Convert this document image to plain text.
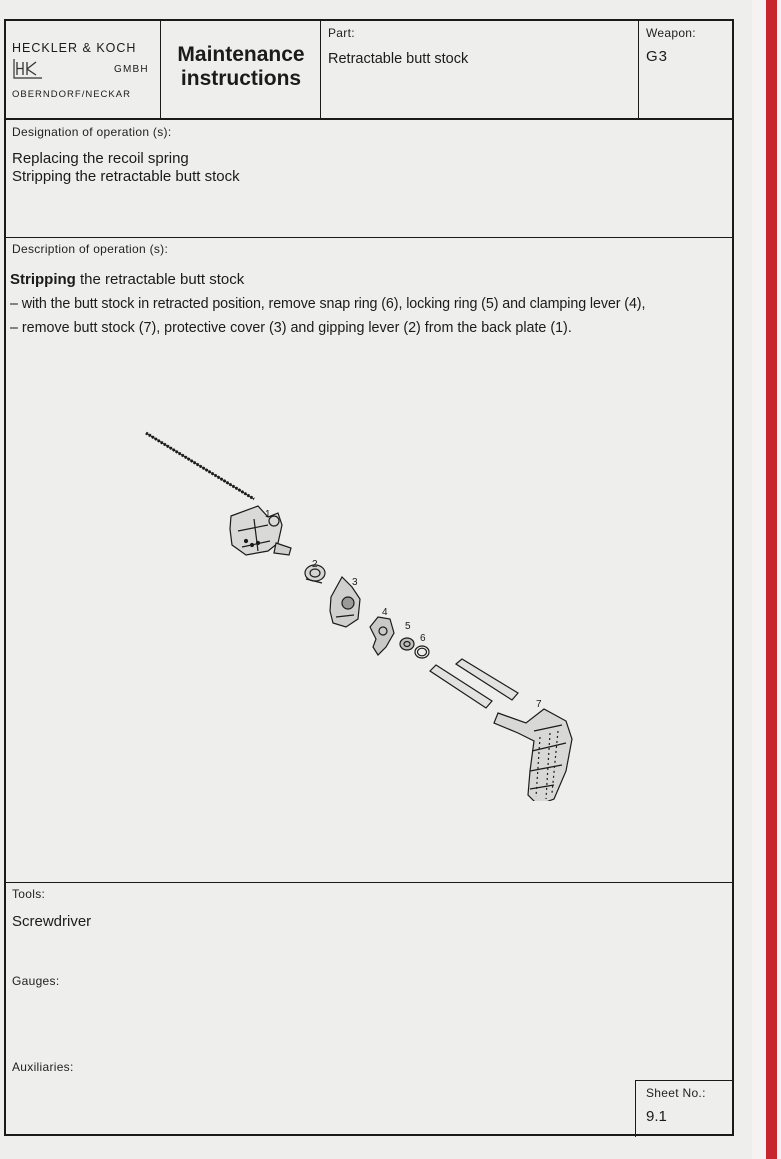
HECKLER & KOCH
GMBH
OBERNDORF/NECKAR
Maintenance
instructions
Part:
Retractable butt stock
Weapon:
G3
Designation of operation (s):
Replacing the recoil spring
Stripping the retractable butt stock
Description of operation (s):
Stripping the retractable butt stock
– with the butt stock in retracted position, remove snap ring (6), locking ring (5) and clamping lever (4),
– remove butt stock (7), protective cover (3) and gipping lever (2) from the back plate (1).
1
2
3
4
5
6
7
Tools:
Screwdriver
Gauges:
Auxiliaries:
Sheet No.:
9.1
